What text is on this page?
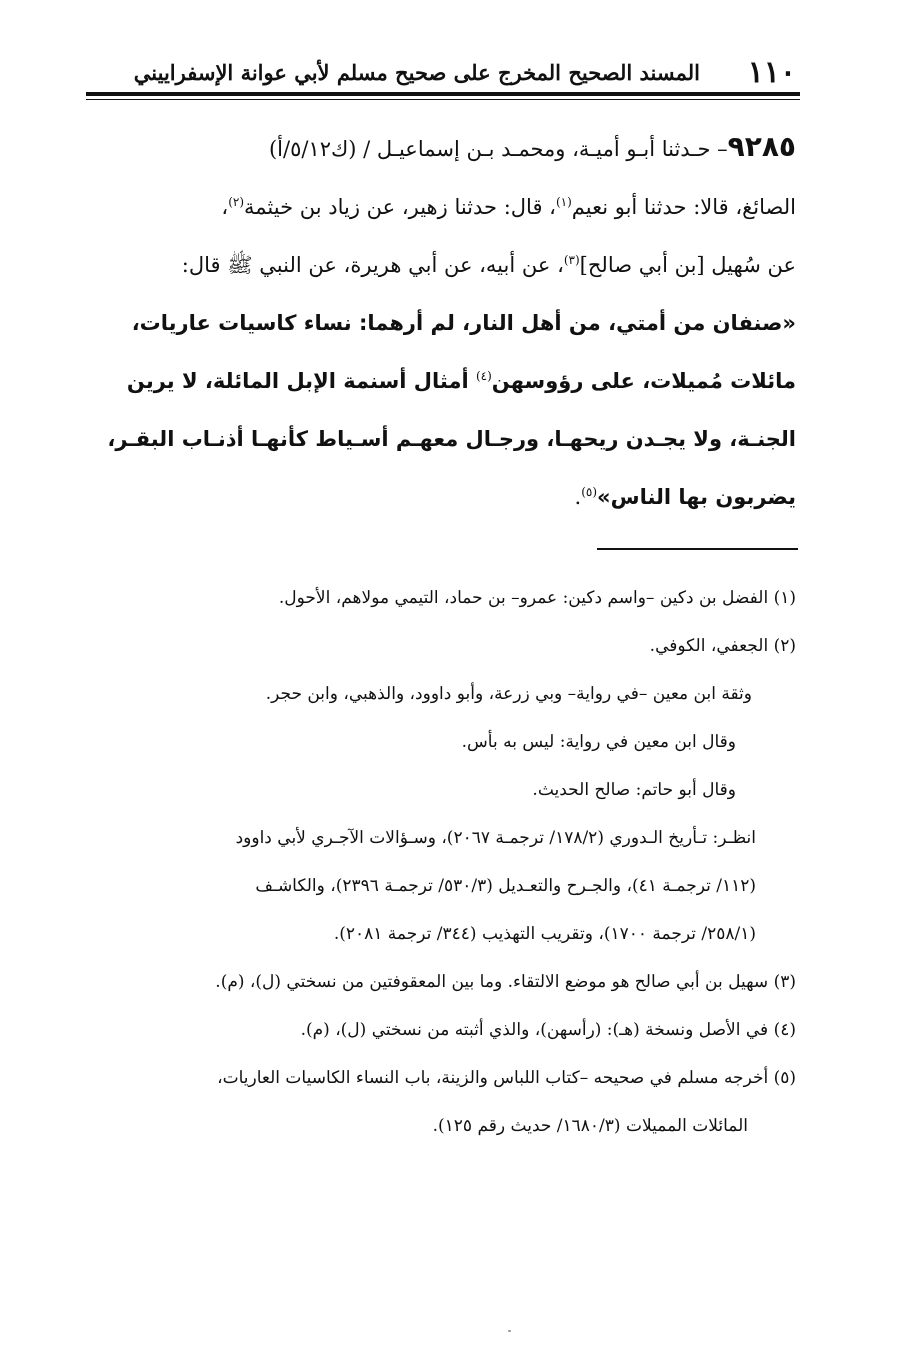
١١٠
المسند الصحيح المخرج على صحيح مسلم لأبي عوانة الإسفراييني
٩٢٨٥– حـدثنا أبـو أميـة، ومحمـد بـن إسماعيـل / (ك٥/١٢/أ)
الصائغ، قالا: حدثنا أبو نعيم$^{(١)}$، قال: حدثنا زهير، عن زياد بن خيثمة$^{(٢)}$،
عن سُهيل [بن أبي صالح]$^{(٣)}$، عن أبيه، عن أبي هريرة، عن النبي ﷺ قال:
«صنفان من أمتي، من أهل النار، لم أرهما: نساء كاسيات عاريات،
مائلات مُميلات، على رؤوسهن$^{(٤)}$ أمثال أسنمة الإبل المائلة، لا يرين
الجنـة، ولا يجـدن ريحهـا، ورجـال معهـم أسـياط كأنهـا أذنـاب البقـر،
يضربون بها الناس»$^{(٥)}$.
(١) الفضل بن دكين –واسم دكين: عمرو– بن حماد، التيمي مولاهم، الأحول.
(٢) الجعفي، الكوفي.
وثقة ابن معين –في رواية– وبي زرعة، وأبو داوود، والذهبي، وابن حجر.
وقال ابن معين في رواية: ليس به بأس.
وقال أبو حاتم: صالح الحديث.
انظـر: تـأريخ الـدوري (١٧٨/٢/ ترجمـة ٢٠٦٧)، وسـؤالات الآجـري لأبي داوود
(١١٢/ ترجمـة ٤١)، والجـرح والتعـديل (٥٣٠/٣/ ترجمـة ٢٣٩٦)، والكاشـف
(٢٥٨/١/ ترجمة ١٧٠٠)، وتقريب التهذيب (٣٤٤/ ترجمة ٢٠٨١).
(٣) سهيل بن أبي صالح هو موضع الالتقاء. وما بين المعقوفتين من نسختي (ل)، (م).
(٤) في الأصل ونسخة (هـ): (رأسهن)، والذي أثبته من نسختي (ل)، (م).
(٥) أخرجه مسلم في صحيحه –كتاب اللباس والزينة، باب النساء الكاسيات العاريات،
المائلات المميلات (١٦٨٠/٣/ حديث رقم ١٢٥).
